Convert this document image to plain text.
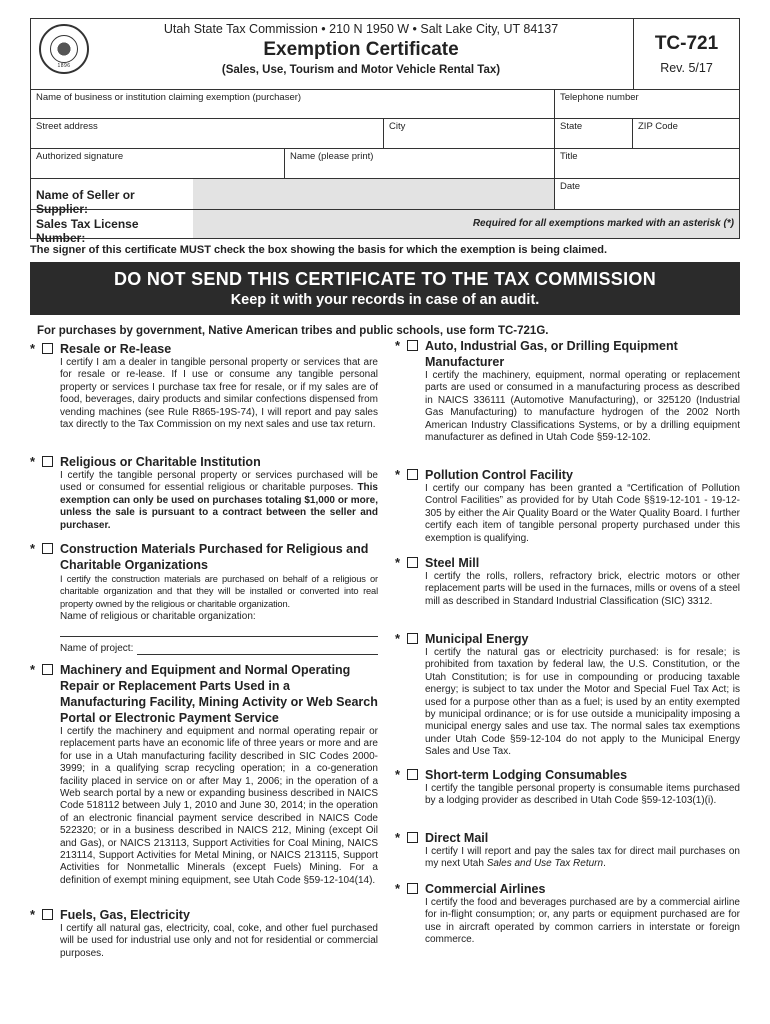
1896
Utah State Tax Commission • 210 N 1950 W • Salt Lake City, UT 84137
Exemption Certificate
(Sales, Use, Tourism and Motor Vehicle Rental Tax)
TC-721
Rev. 5/17
Name of business or institution claiming exemption (purchaser)	Telephone number
Street address	City	State	ZIP Code
Authorized signature	Name (please print)	Title
Name of Seller or Supplier:
Date
Sales Tax License Number:
Required for all exemptions marked with an asterisk (*)
The signer of this certificate MUST check the box showing the basis for which the exemption is being claimed.
DO NOT SEND THIS CERTIFICATE TO THE TAX COMMISSION
Keep it with your records in case of an audit.
For purchases by government, Native American tribes and public schools, use form TC-721G.
*	Resale or Re-lease
I certify I am a dealer in tangible personal property or services that are for resale or re-lease. If I use or consume any tangible personal property or services I purchase tax free for resale, or if my sales are of food, beverages, dairy products and similar confections dispensed from vending machines (see Rule R865-19S-74), I will report and pay sales tax directly to the Tax Commission on my next sales and use tax return.
*	Religious or Charitable Institution
I certify the tangible personal property or services purchased will be used or consumed for essential religious or charitable purposes. This exemption can only be used on purchases totaling $1,000 or more, unless the sale is pursuant to a contract between the seller and purchaser.
*	Construction Materials Purchased for Religious and Charitable Organizations
I certify the construction materials are purchased on behalf of a religious or charitable organization and that they will be installed or converted into real property owned by the religious or charitable organization.
Name of religious or charitable organization:
Name of project:
*	Machinery and Equipment and Normal Operating Repair or Replacement Parts Used in a Manufacturing Facility, Mining Activity or Web Search Portal or Electronic Payment Service
I certify the machinery and equipment and normal operating repair or replacement parts have an economic life of three years or more and are for use in a Utah manufacturing facility described in SIC Codes 2000-3999; in a qualifying scrap recycling operation; in a co-generation facility placed in service on or after May 1, 2006; in the operation of a Web search portal by a new or expanding business described in NAICS Code 518112 between July 1, 2010 and June 30, 2014; in the operation of an electronic financial payment service described in NAICS Code 522320; or in a business described in NAICS 212, Mining (except Oil and Gas), or NAICS 213113, Support Activities for Coal Mining, NAICS 213114, Support Activities for Metal Mining, or NAICS 213115, Support Activities for Nonmetallic Minerals (except Fuels) Mining. For a definition of exempt mining equipment, see Utah Code §59-12-104(14).
*	Fuels, Gas, Electricity
I certify all natural gas, electricity, coal, coke, and other fuel purchased will be used for industrial use only and not for residential or commercial purposes.
*	Auto, Industrial Gas, or Drilling Equipment Manufacturer
I certify the machinery, equipment, normal operating or replacement parts are used or consumed in a manufacturing process as described in NAICS 336111 (Automotive Manufacturing), or 325120 (Industrial Gas Manufacturing) to manufacture hydrogen of the 2002 North American Industry Classifications Systems, or by a drilling equipment manufacturer as defined in Utah Code §59-12-102.
*	Pollution Control Facility
I certify our company has been granted a “Certification of Pollution Control Facilities” as provided for by Utah Code §§19-12-101 - 19-12-305 by either the Air Quality Board or the Water Quality Board. I further certify each item of tangible personal property purchased under this exemption is qualifying.
*	Steel Mill
I certify the rolls, rollers, refractory brick, electric motors or other replacement parts will be used in the furnaces, mills or ovens of a steel mill as described in Standard Industrial Classification (SIC) 3312.
*	Municipal Energy
I certify the natural gas or electricity purchased: is for resale; is prohibited from taxation by federal law, the U.S. Constitution, or the Utah Constitution; is for use in compounding or producing taxable energy; is subject to tax under the Motor and Special Fuel Tax Act; is used for a purpose other than as a fuel; is used by an entity exempted by municipal ordinance; or is for use outside a municipality imposing a municipal energy sales and use tax. The normal sales tax exemptions under Utah Code §59-12-104 do not apply to the Municipal Energy Sales and Use Tax.
*	Short-term Lodging Consumables
I certify the tangible personal property is consumable items purchased by a lodging provider as described in Utah Code §59-12-103(1)(i).
*	Direct Mail
I certify I will report and pay the sales tax for direct mail purchases on my next Utah Sales and Use Tax Return.
*	Commercial Airlines
I certify the food and beverages purchased are by a commercial airline for in-flight consumption; or, any parts or equipment purchased are for use in aircraft operated by common carriers in interstate or foreign commerce.
